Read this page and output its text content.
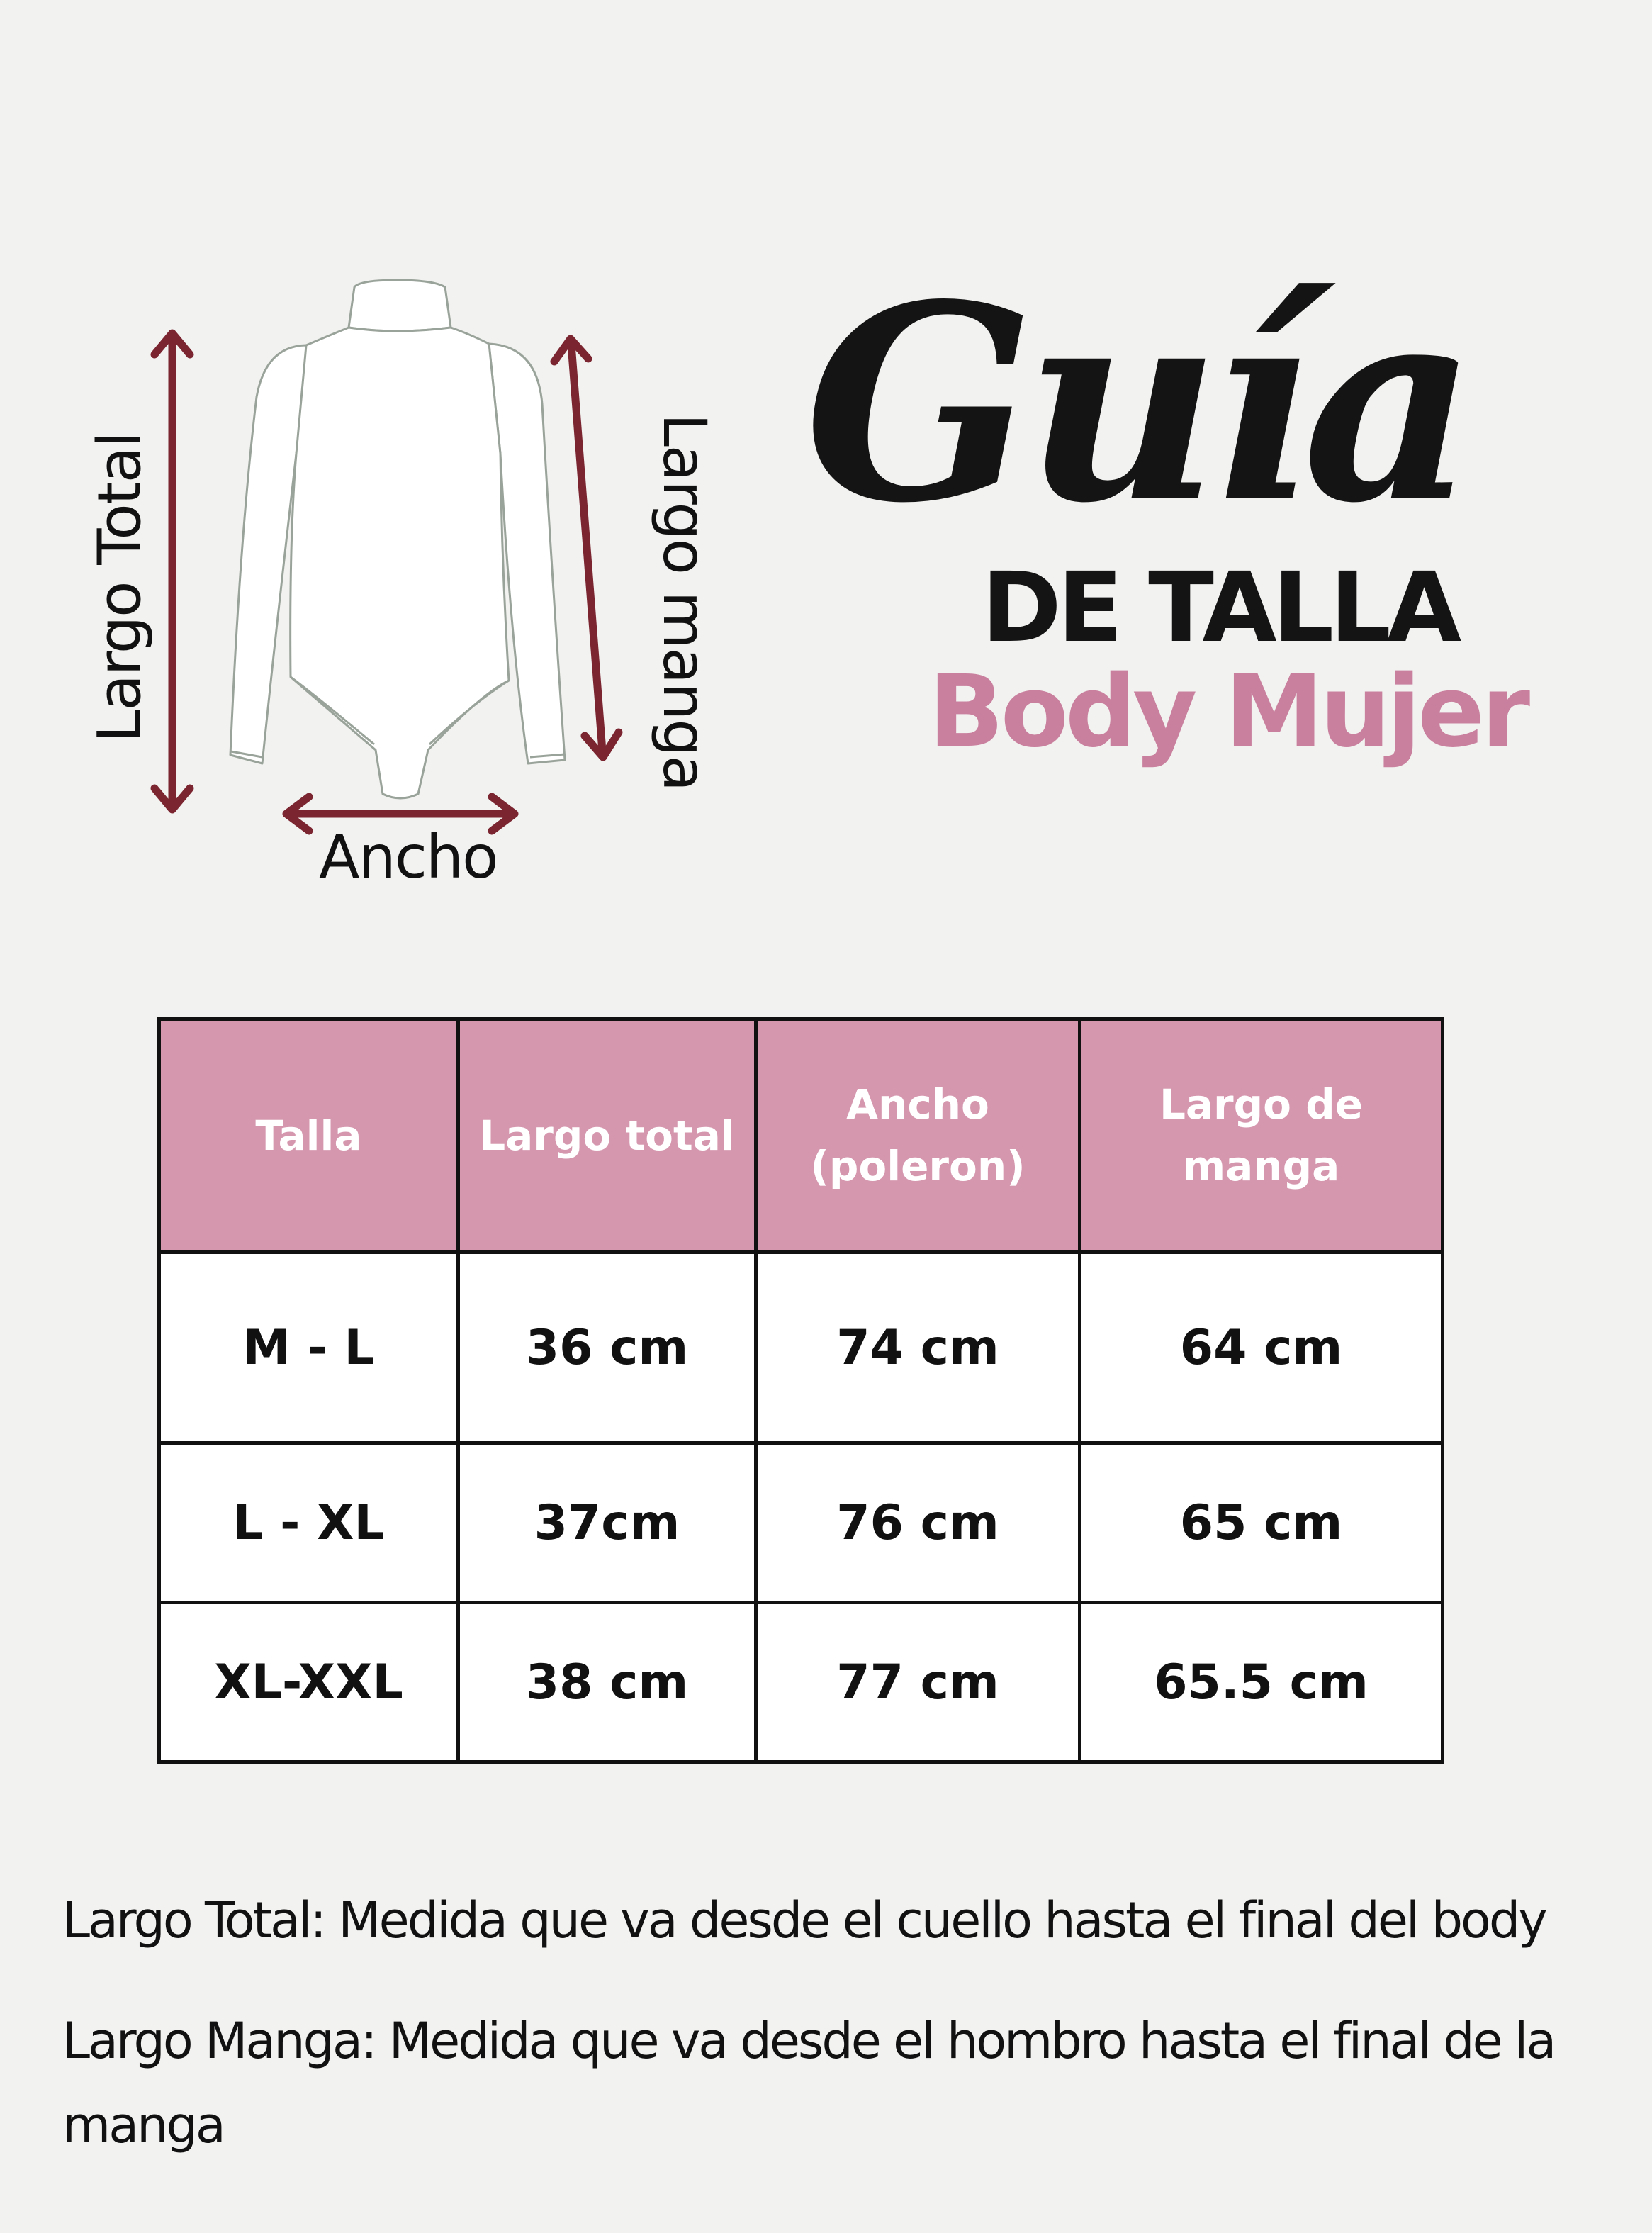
Largo Total	Largo manga
Ancho
Guía
DE TALLA
Body Mujer
Talla	Largo total	Ancho (poleron)	Largo de manga
M - L	36 cm	74 cm	64 cm
L - XL	37cm	76 cm	65 cm
XL-XXL	38 cm	77 cm	65.5 cm
Largo Total: Medida que va desde el cuello hasta el final del body
Largo Manga: Medida que va desde el hombro hasta el final de la manga
